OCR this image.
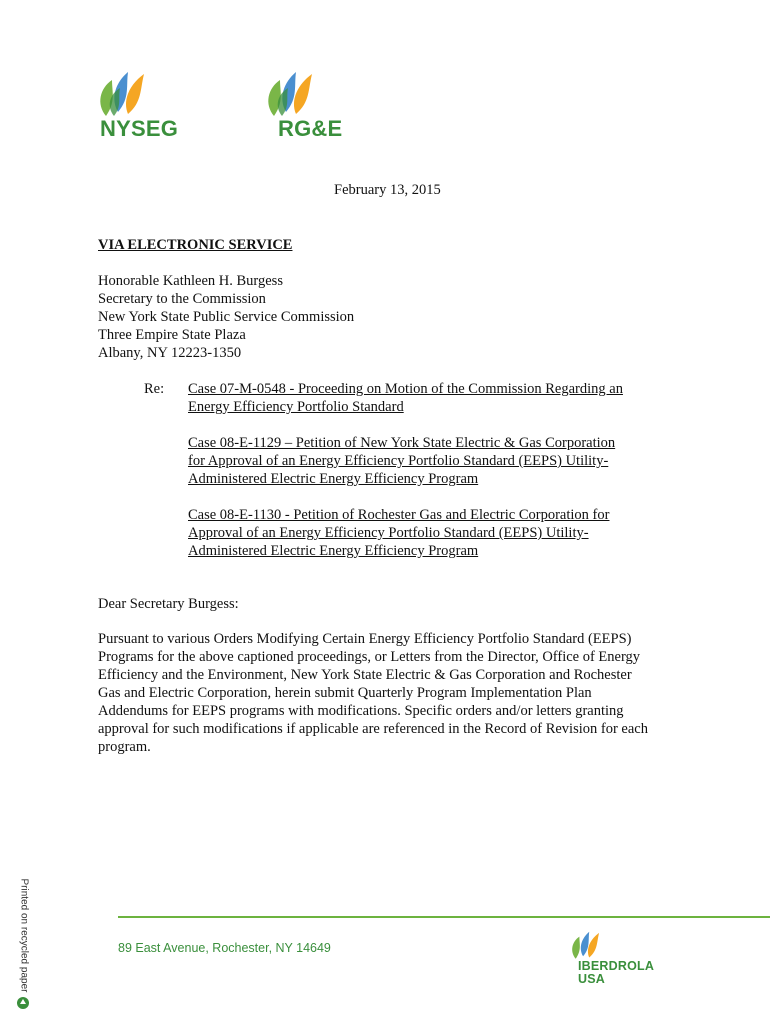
NYSEG	RG&E
February 13, 2015
VIA ELECTRONIC SERVICE
Honorable Kathleen H. Burgess
Secretary to the Commission
New York State Public Service Commission
Three Empire State Plaza
Albany, NY 12223-1350
Re: Case 07-M-0548 - Proceeding on Motion of the Commission Regarding an
Energy Efficiency Portfolio Standard
Case 08-E-1129 – Petition of New York State Electric & Gas Corporation
for Approval of an Energy Efficiency Portfolio Standard (EEPS) Utility-
Administered Electric Energy Efficiency Program
Case 08-E-1130 - Petition of Rochester Gas and Electric Corporation for
Approval of an Energy Efficiency Portfolio Standard (EEPS) Utility-
Administered Electric Energy Efficiency Program
Dear Secretary Burgess:
Pursuant to various Orders Modifying Certain Energy Efficiency Portfolio Standard (EEPS)
Programs for the above captioned proceedings, or Letters from the Director, Office of Energy
Efficiency and the Environment, New York State Electric & Gas Corporation and Rochester
Gas and Electric Corporation, herein submit Quarterly Program Implementation Plan
Addendums for EEPS programs with modifications. Specific orders and/or letters granting
approval for such modifications if applicable are referenced in the Record of Revision for each
program.
Printed on recycled paper	89 East Avenue, Rochester, NY 14649
IBERDROLA
USA
